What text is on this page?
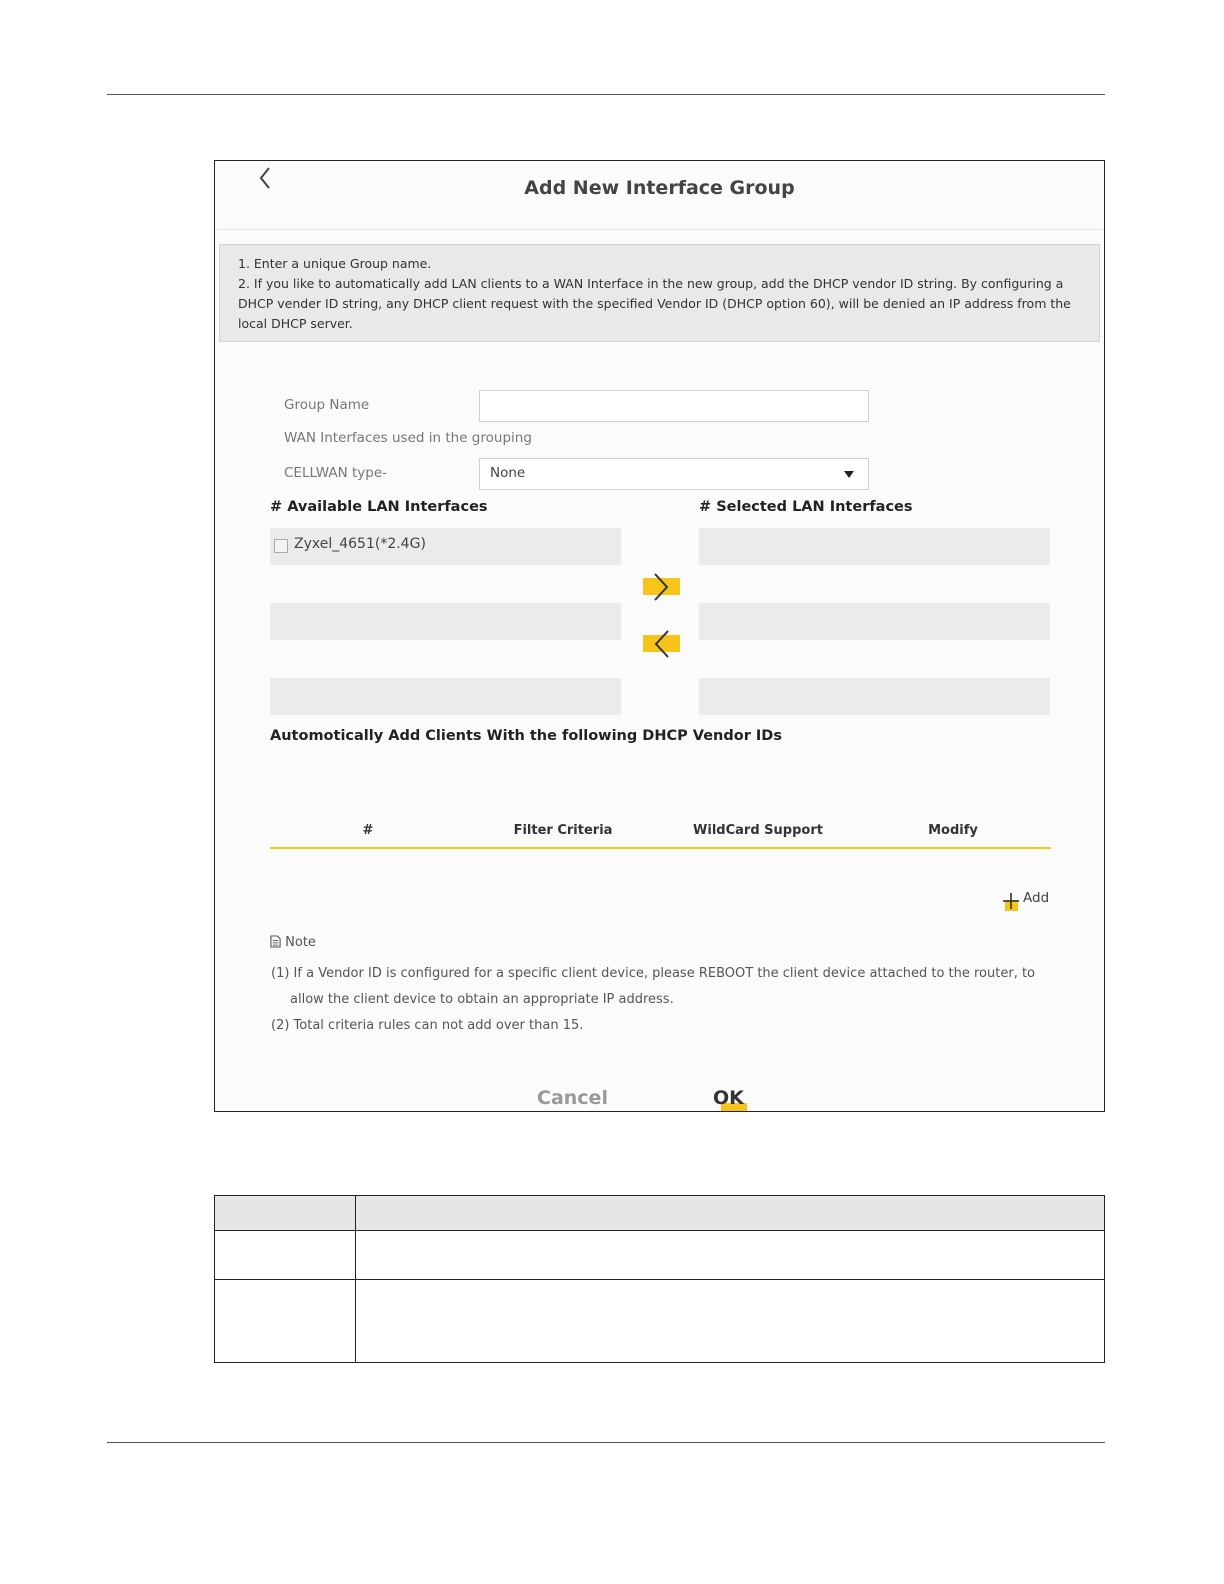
Add New Interface Group

1. Enter a unique Group name.

2. If you like to automatically add LAN clients to a WAN Interface in the new group, add the DHCP vendor ID string. By configuring a DHCP vender ID string, any DHCP client request with the specified Vendor ID (DHCP option 60), will be denied an IP address from the local DHCP server.

Group Name
WAN Interfaces used in the grouping
CELLWAN type-	None
# Available LAN Interfaces	# Selected LAN Interfaces
Zyxel_4651(*2.4G)
Automotically Add Clients With the following DHCP Vendor IDs
#	Filter Criteria	WildCard Support	Modify
Add
Note
(1) If a Vendor ID is configured for a specific client device, please REBOOT the client device attached to the router, to
allow the client device to obtain an appropriate IP address.
(2) Total criteria rules can not add over than 15.
Cancel	OK
